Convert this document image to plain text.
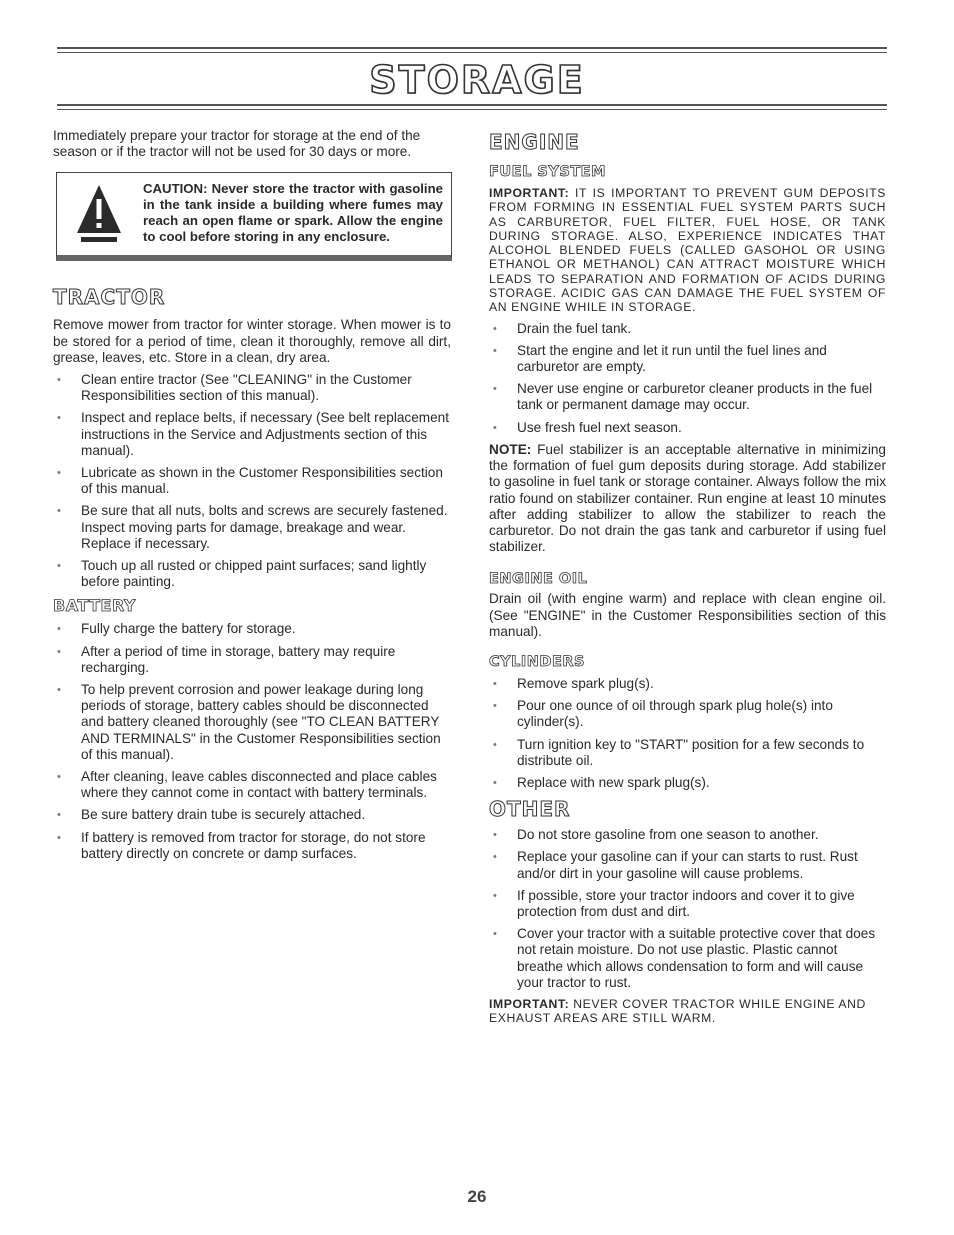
STORAGE

Immediately prepare your tractor for storage at the end of the season or if the tractor will not be used for 30 days or more.

CAUTION: Never store the tractor with gasoline in the tank inside a building where fumes may reach an open flame or spark. Allow the engine to cool before storing in any enclosure.
TRACTOR

Remove mower from tractor for winter storage. When mower is to be stored for a period of time, clean it thoroughly, remove all dirt, grease, leaves, etc. Store in a clean, dry area.

• Clean entire tractor (See "CLEANING" in the Customer Responsibilities section of this manual).
• Inspect and replace belts, if necessary (See belt replacement instructions in the Service and Adjustments section of this manual).
• Lubricate as shown in the Customer Responsibilities section of this manual.
• Be sure that all nuts, bolts and screws are securely fastened. Inspect moving parts for damage, breakage and wear. Replace if necessary.
• Touch up all rusted or chipped paint surfaces; sand lightly before painting.
BATTERY
• Fully charge the battery for storage.
• After a period of time in storage, battery may require recharging.
• To help prevent corrosion and power leakage during long periods of storage, battery cables should be disconnected and battery cleaned thoroughly (see "TO CLEAN BATTERY AND TERMINALS" in the Customer Responsibilities section of this manual).
• After cleaning, leave cables disconnected and place cables where they cannot come in contact with battery terminals.
• Be sure battery drain tube is securely attached.
• If battery is removed from tractor for storage, do not store battery directly on concrete or damp surfaces.
ENGINE
FUEL SYSTEM

IMPORTANT: IT IS IMPORTANT TO PREVENT GUM DEPOSITS FROM FORMING IN ESSENTIAL FUEL SYSTEM PARTS SUCH AS CARBURETOR, FUEL FILTER, FUEL HOSE, OR TANK DURING STORAGE. ALSO, EXPERIENCE INDICATES THAT ALCOHOL BLENDED FUELS (CALLED GASOHOL OR USING ETHANOL OR METHANOL) CAN ATTRACT MOISTURE WHICH LEADS TO SEPARATION AND FORMATION OF ACIDS DURING STORAGE. ACIDIC GAS CAN DAMAGE THE FUEL SYSTEM OF AN ENGINE WHILE IN STORAGE.

• Drain the fuel tank.
• Start the engine and let it run until the fuel lines and carburetor are empty.
• Never use engine or carburetor cleaner products in the fuel tank or permanent damage may occur.
• Use fresh fuel next season.

NOTE: Fuel stabilizer is an acceptable alternative in minimizing the formation of fuel gum deposits during storage. Add stabilizer to gasoline in fuel tank or storage container. Always follow the mix ratio found on stabilizer container. Run engine at least 10 minutes after adding stabilizer to allow the stabilizer to reach the carburetor. Do not drain the gas tank and carburetor if using fuel stabilizer.

ENGINE OIL

Drain oil (with engine warm) and replace with clean engine oil. (See "ENGINE" in the Customer Responsibilities section of this manual).

CYLINDERS
• Remove spark plug(s).
• Pour one ounce of oil through spark plug hole(s) into cylinder(s).
• Turn ignition key to "START" position for a few seconds to distribute oil.
• Replace with new spark plug(s).
OTHER
• Do not store gasoline from one season to another.
• Replace your gasoline can if your can starts to rust. Rust and/or dirt in your gasoline will cause problems.
• If possible, store your tractor indoors and cover it to give protection from dust and dirt.
• Cover your tractor with a suitable protective cover that does not retain moisture. Do not use plastic. Plastic cannot breathe which allows condensation to form and will cause your tractor to rust.

IMPORTANT: NEVER COVER TRACTOR WHILE ENGINE AND EXHAUST AREAS ARE STILL WARM.

26
